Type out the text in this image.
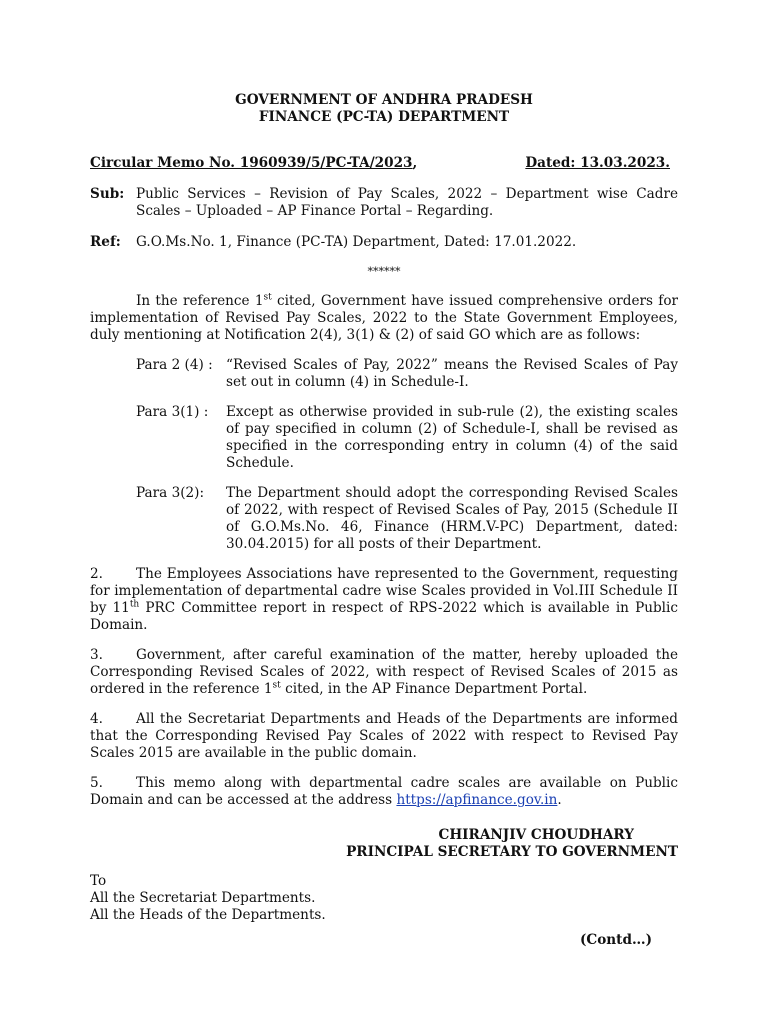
GOVERNMENT OF ANDHRA PRADESH
FINANCE (PC-TA) DEPARTMENT
Circular Memo No. 1960939/5/PC-TA/2023,	Dated: 13.03.2023.
Sub: Public Services – Revision of Pay Scales, 2022 – Department wise Cadre Scales – Uploaded – AP Finance Portal – Regarding.
Ref:	G.O.Ms.No. 1, Finance (PC-TA) Department, Dated: 17.01.2022.
******

In the reference 1st cited, Government have issued comprehensive orders for implementation of Revised Pay Scales, 2022 to the State Government Employees, duly mentioning at Notification 2(4), 3(1) & (2) of said GO which are as follows:

Para 2 (4) : “Revised Scales of Pay, 2022” means the Revised Scales of Pay set out in column (4) in Schedule-I.
Para 3(1) :	Except as otherwise provided in sub-rule (2), the existing scales of pay specified in column (2) of Schedule-I, shall be revised as specified in the corresponding entry in column (4) of the said Schedule.
Para 3(2):	The Department should adopt the corresponding Revised Scales of 2022, with respect of Revised Scales of Pay, 2015 (Schedule II of G.O.Ms.No. 46, Finance (HRM.V-PC) Department, dated: 30.04.2015) for all posts of their Department.

2. The Employees Associations have represented to the Government, requesting for implementation of departmental cadre wise Scales provided in Vol.III Schedule II by 11th PRC Committee report in respect of RPS-2022 which is available in Public Domain.

3. Government, after careful examination of the matter, hereby uploaded the Corresponding Revised Scales of 2022, with respect of Revised Scales of 2015 as ordered in the reference 1st cited, in the AP Finance Department Portal.

4. All the Secretariat Departments and Heads of the Departments are informed that the Corresponding Revised Pay Scales of 2022 with respect to Revised Pay Scales 2015 are available in the public domain.

5. This memo along with departmental cadre scales are available on Public Domain and can be accessed at the address https://apfinance.gov.in.

CHIRANJIV CHOUDHARY
PRINCIPAL SECRETARY TO GOVERNMENT
To
All the Secretariat Departments.
All the Heads of the Departments.
(Contd…)
